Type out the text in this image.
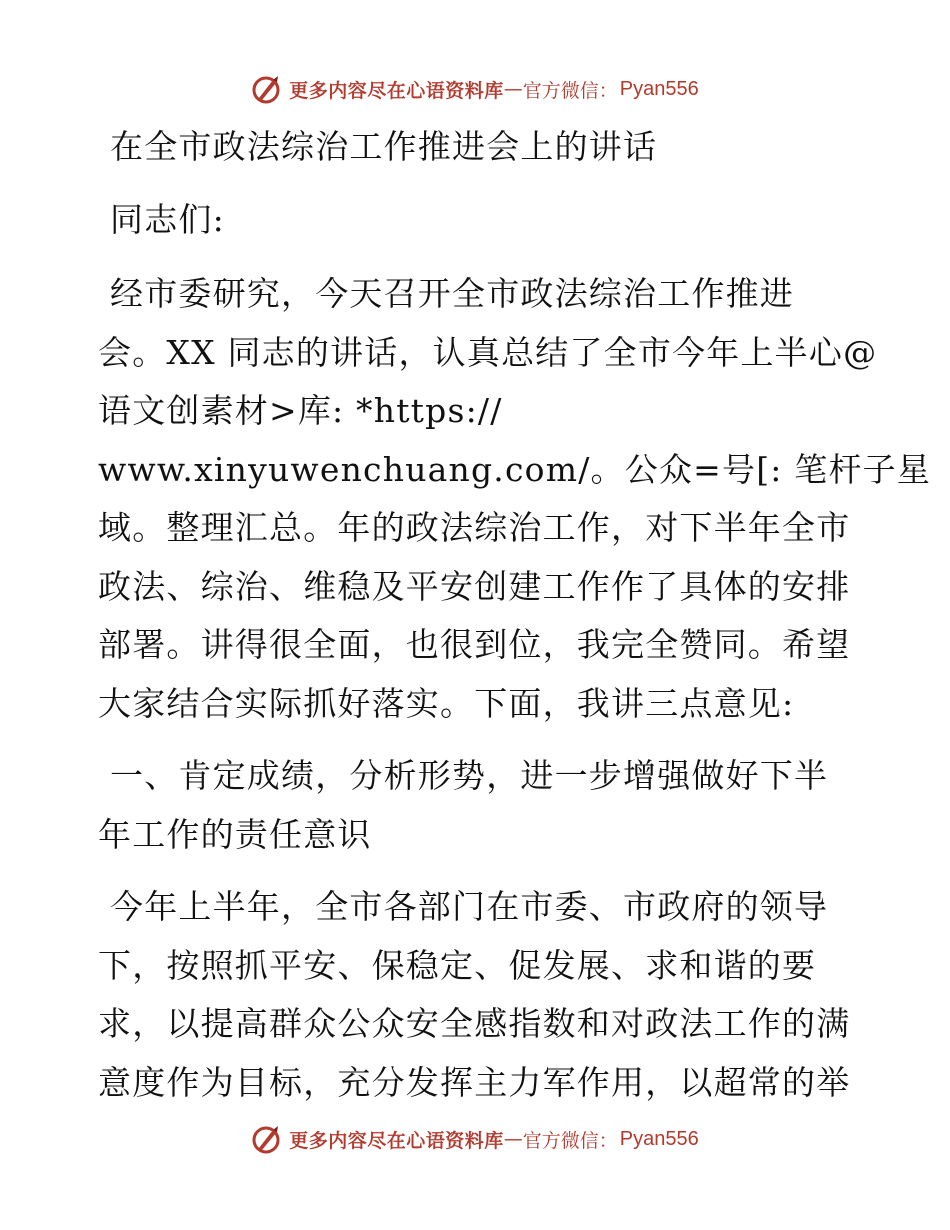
更多内容尽在心语资料库 — 官方微信： Pyan556

在全市政法综治工作推进会上的讲话

同志们:

经市委研究，今天召开全市政法综治工作推进
会。XX 同志的讲话，认真总结了全市今年上半心@
语文创素材>库: *https://
www.xinyuwenchuang.com/。公众=号[: 笔杆子星
域。整理汇总。年的政法综治工作，对下半年全市
政法、综治、维稳及平安创建工作作了具体的安排
部署。讲得很全面，也很到位，我完全赞同。希望
大家结合实际抓好落实。下面，我讲三点意见:
一、肯定成绩，分析形势，进一步增强做好下半
年工作的责任意识
今年上半年，全市各部门在市委、市政府的领导
下，按照抓平安、保稳定、促发展、求和谐的要
求，以提高群众公众安全感指数和对政法工作的满
意度作为目标，充分发挥主力军作用，以超常的举
更多内容尽在心语资料库 — 官方微信： Pyan556
